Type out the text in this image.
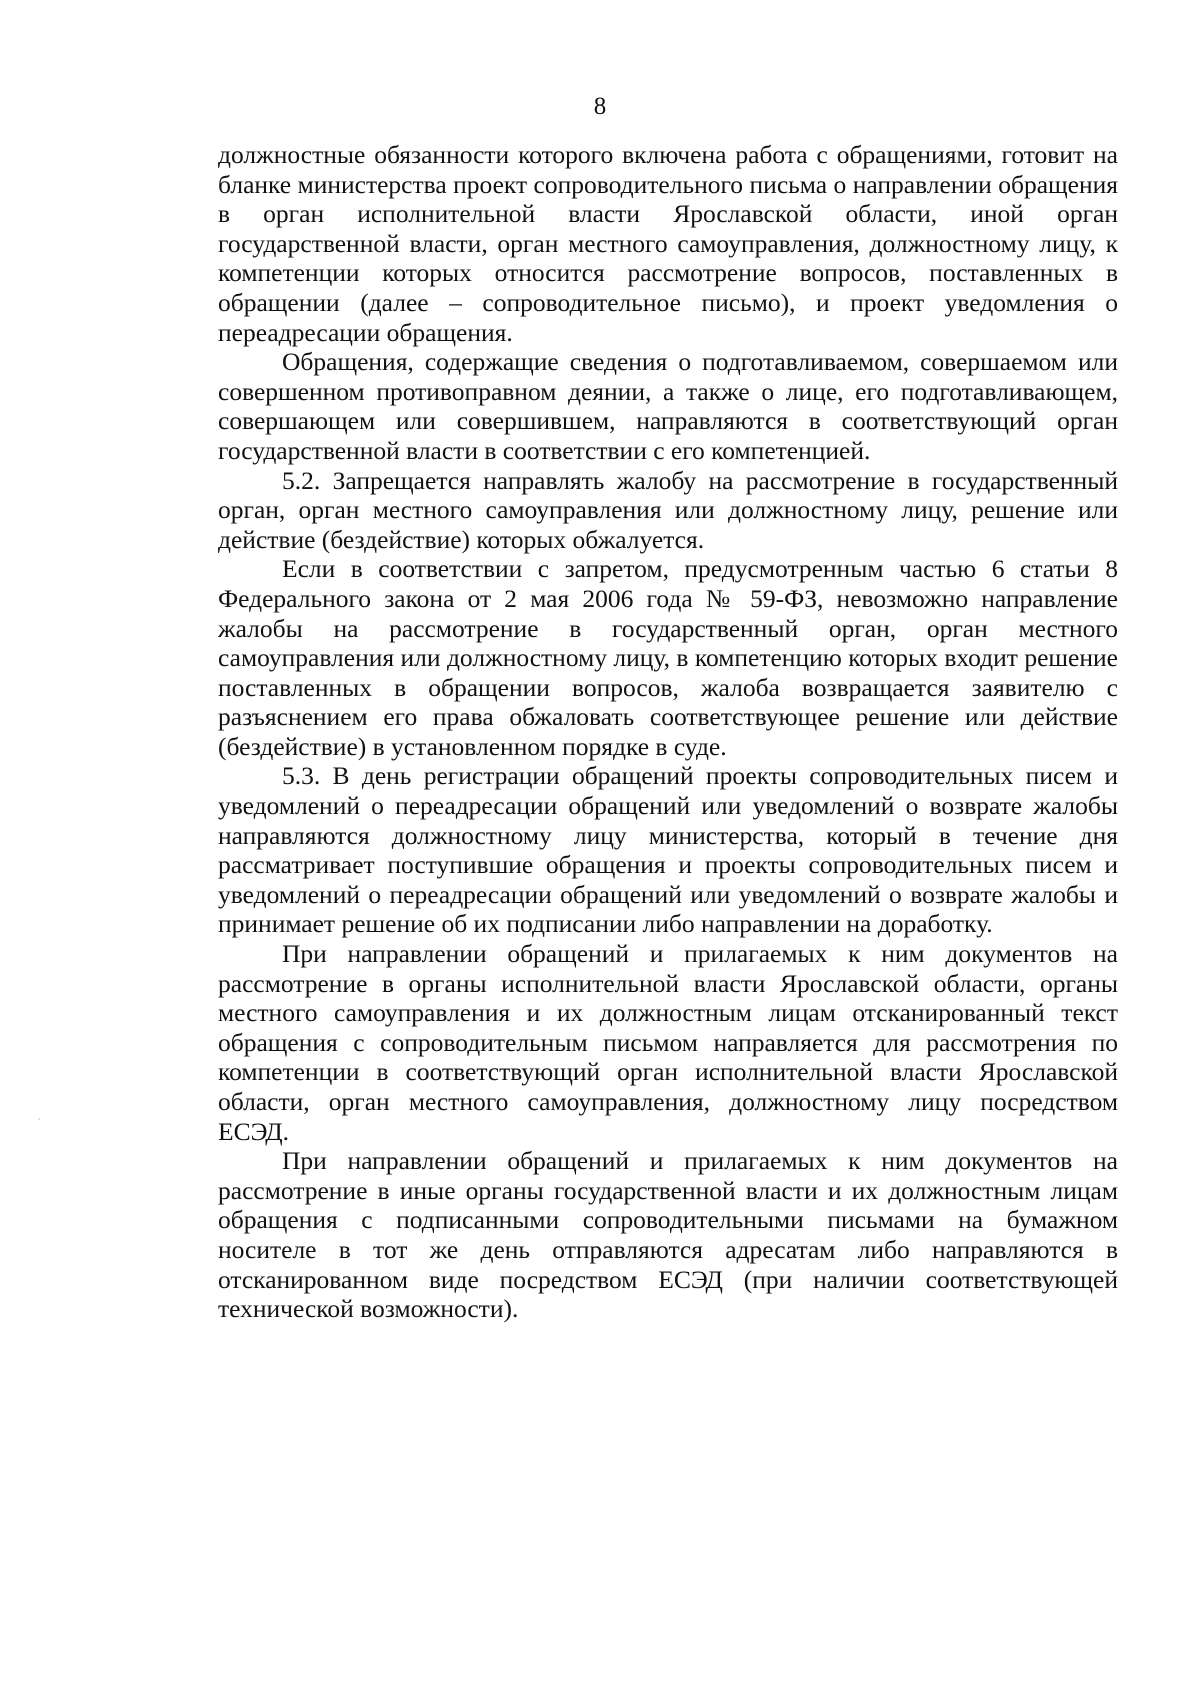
8

должностные обязанности которого включена работа с обращениями, готовит на бланке министерства проект сопроводительного письма о направлении обращения в орган исполнительной власти Ярославской области, иной орган государственной власти, орган местного самоуправления, должностному лицу, к компетенции которых относится рассмотрение вопросов, поставленных в обращении (далее – сопроводительное письмо), и проект уведомления о переадресации обращения.

Обращения, содержащие сведения о подготавливаемом, совершаемом или совершенном противоправном деянии, а также о лице, его подготавливающем, совершающем или совершившем, направляются в соответствующий орган государственной власти в соответствии с его компетенцией.

5.2. Запрещается направлять жалобу на рассмотрение в государственный орган, орган местного самоуправления или должностному лицу, решение или действие (бездействие) которых обжалуется.

Если в соответствии с запретом, предусмотренным частью 6 статьи 8 Федерального закона от 2 мая 2006 года № 59-ФЗ, невозможно направление жалобы на рассмотрение в государственный орган, орган местного самоуправления или должностному лицу, в компетенцию которых входит решение поставленных в обращении вопросов, жалоба возвращается заявителю с разъяснением его права обжаловать соответствующее решение или действие (бездействие) в установленном порядке в суде.

5.3. В день регистрации обращений проекты сопроводительных писем и уведомлений о переадресации обращений или уведомлений о возврате жалобы направляются должностному лицу министерства, который в течение дня рассматривает поступившие обращения и проекты сопроводительных писем и уведомлений о переадресации обращений или уведомлений о возврате жалобы и принимает решение об их подписании либо направлении на доработку.

При направлении обращений и прилагаемых к ним документов на рассмотрение в органы исполнительной власти Ярославской области, органы местного самоуправления и их должностным лицам отсканированный текст обращения с сопроводительным письмом направляется для рассмотрения по компетенции в соответствующий орган исполнительной власти Ярославской области, орган местного самоуправления, должностному лицу посредством ЕСЭД.

При направлении обращений и прилагаемых к ним документов на рассмотрение в иные органы государственной власти и их должностным лицам обращения с подписанными сопроводительными письмами на бумажном носителе в тот же день отправляются адресатам либо направляются в отсканированном виде посредством ЕСЭД (при наличии соответствующей технической возможности).
